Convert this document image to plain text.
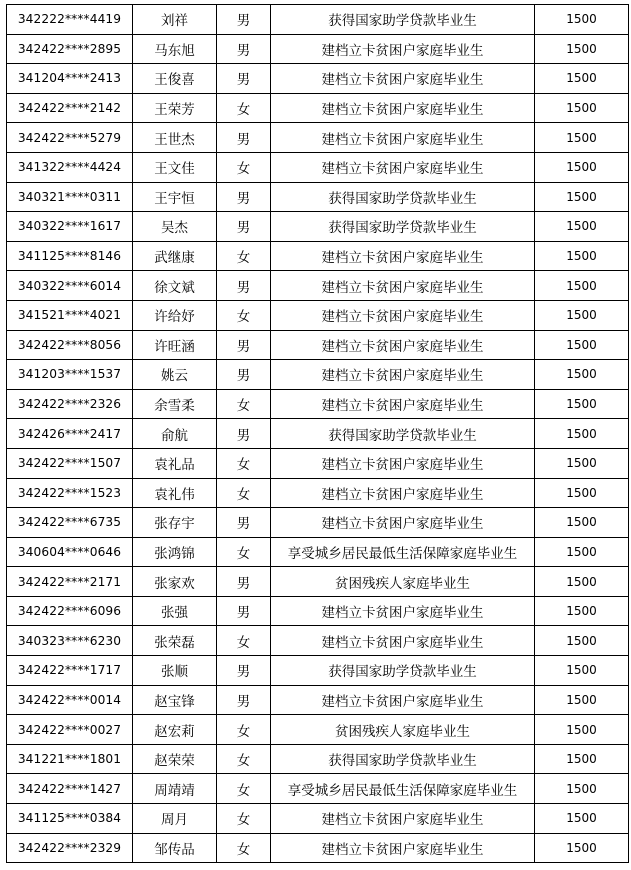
342222****4419	刘祥	男	获得国家助学贷款毕业生	1500
342422****2895	马东旭	男	建档立卡贫困户家庭毕业生	1500
341204****2413	王俊喜	男	建档立卡贫困户家庭毕业生	1500
342422****2142	王荣芳	女	建档立卡贫困户家庭毕业生	1500
342422****5279	王世杰	男	建档立卡贫困户家庭毕业生	1500
341322****4424	王文佳	女	建档立卡贫困户家庭毕业生	1500
340321****0311	王宇恒	男	获得国家助学贷款毕业生	1500
340322****1617	吴杰	男	获得国家助学贷款毕业生	1500
341125****8146	武继康	女	建档立卡贫困户家庭毕业生	1500
340322****6014	徐文斌	男	建档立卡贫困户家庭毕业生	1500
341521****4021	许给妤	女	建档立卡贫困户家庭毕业生	1500
342422****8056	许旺涵	男	建档立卡贫困户家庭毕业生	1500
341203****1537	姚云	男	建档立卡贫困户家庭毕业生	1500
342422****2326	余雪柔	女	建档立卡贫困户家庭毕业生	1500
342426****2417	俞航	男	获得国家助学贷款毕业生	1500
342422****1507	袁礼品	女	建档立卡贫困户家庭毕业生	1500
342422****1523	袁礼伟	女	建档立卡贫困户家庭毕业生	1500
342422****6735	张存宇	男	建档立卡贫困户家庭毕业生	1500
340604****0646	张鸿锦	女	享受城乡居民最低生活保障家庭毕业生	1500
342422****2171	张家欢	男	贫困残疾人家庭毕业生	1500
342422****6096	张强	男	建档立卡贫困户家庭毕业生	1500
340323****6230	张荣磊	女	建档立卡贫困户家庭毕业生	1500
342422****1717	张顺	男	获得国家助学贷款毕业生	1500
342422****0014	赵宝锋	男	建档立卡贫困户家庭毕业生	1500
342422****0027	赵宏莉	女	贫困残疾人家庭毕业生	1500
341221****1801	赵荣荣	女	获得国家助学贷款毕业生	1500
342422****1427	周靖靖	女	享受城乡居民最低生活保障家庭毕业生	1500
341125****0384	周月	女	建档立卡贫困户家庭毕业生	1500
342422****2329	邹传品	女	建档立卡贫困户家庭毕业生	1500
